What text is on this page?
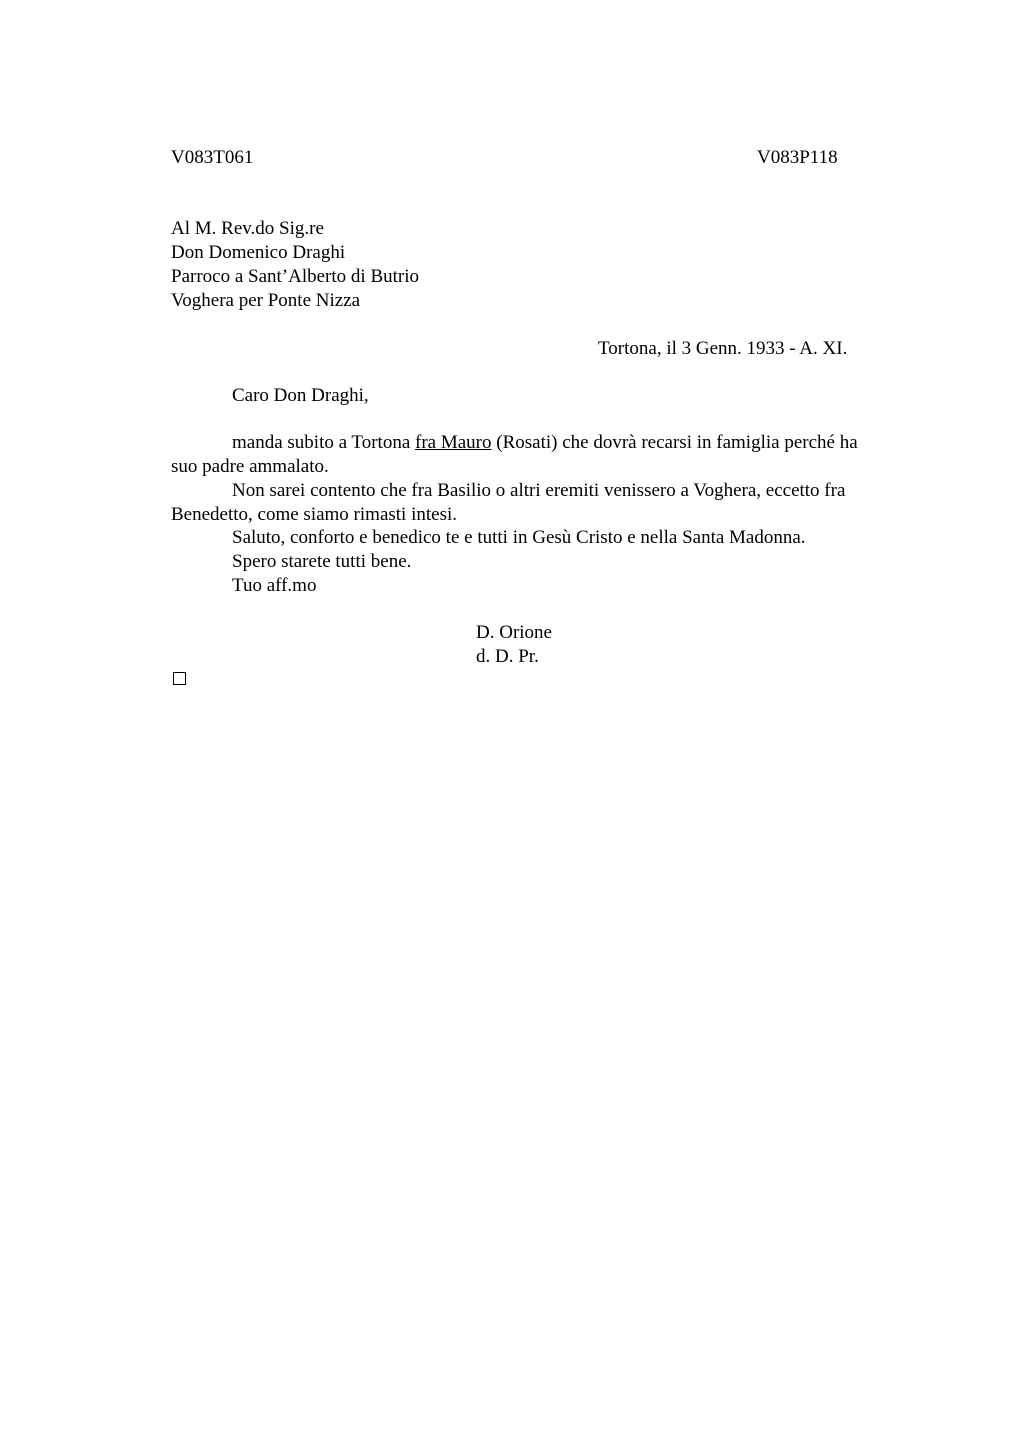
V083T061	V083P118
Al M. Rev.do Sig.re
Don Domenico Draghi
Parroco a Sant’Alberto di Butrio
Voghera per Ponte Nizza
Tortona, il 3 Genn. 1933 - A. XI.
Caro Don Draghi,
manda subito a Tortona fra Mauro (Rosati) che dovrà recarsi in famiglia perché ha
suo padre ammalato.
Non sarei contento che fra Basilio o altri eremiti venissero a Voghera, eccetto fra
Benedetto, come siamo rimasti intesi.
Saluto, conforto e benedico te e tutti in Gesù Cristo e nella Santa Madonna.
Spero starete tutti bene.
Tuo aff.mo
D. Orione
d. D. Pr.
